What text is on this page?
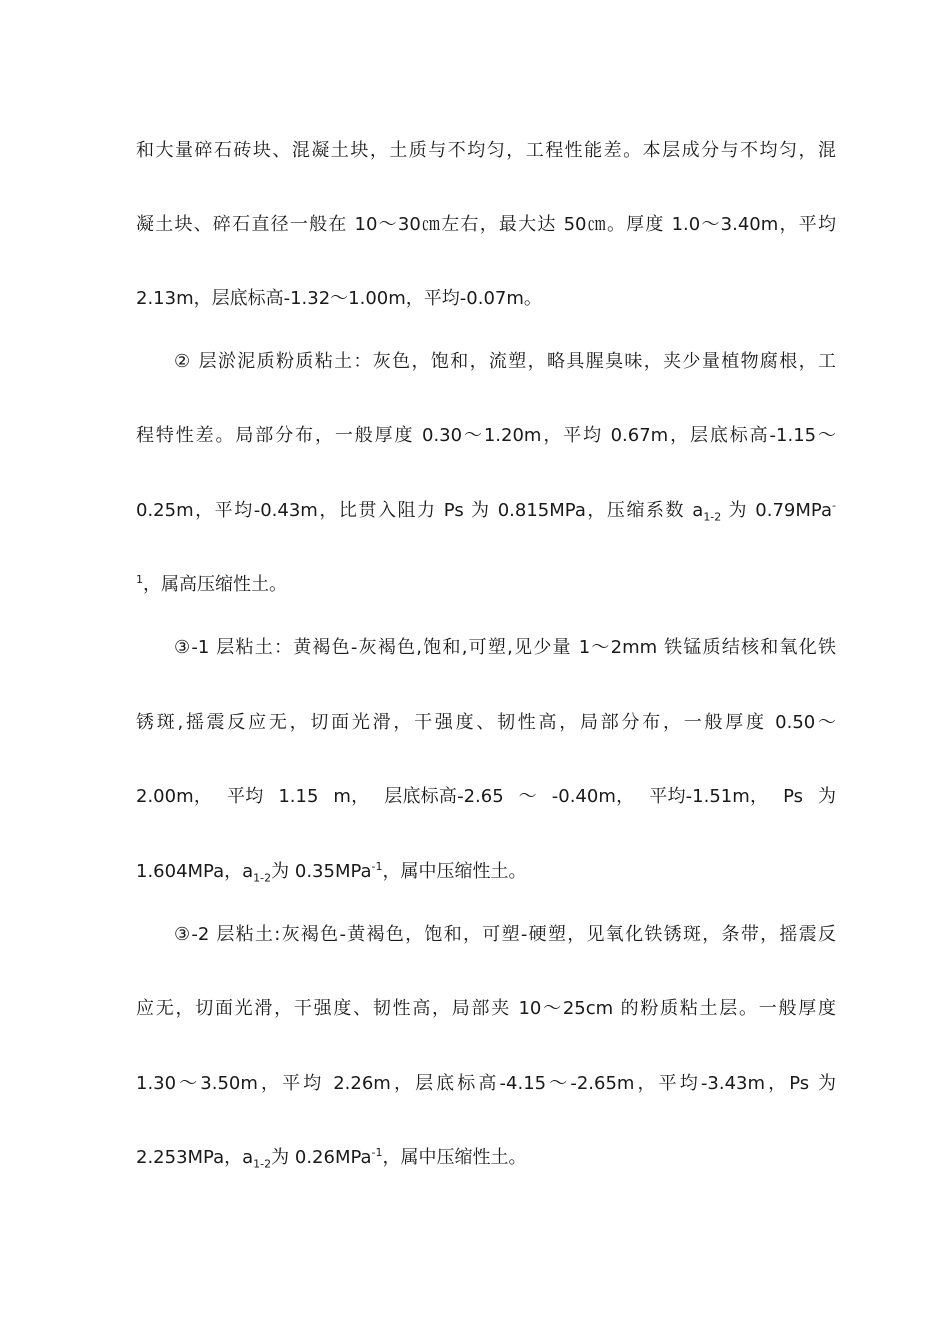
和大量碎石砖块、混凝土块，土质与不均匀，工程性能差。本层成分与不均匀，混
凝土块、碎石直径一般在 10～30㎝左右，最大达 50㎝。厚度 1.0～3.40m，平均
2.13m，层底标高-1.32～1.00m，平均-0.07m。
② 层淤泥质粉质粘土：灰色，饱和，流塑，略具腥臭味，夹少量植物腐根，工
程特性差。局部分布，一般厚度 0.30～1.20m，平均 0.67m，层底标高-1.15～
0.25m，平均-0.43m，比贯入阻力 Ps 为 0.815MPa，压缩系数 $a_{1-2}$ 为 0.79MPa-
$^1$，属高压缩性土。
③-1 层粘土：黄褐色-灰褐色,饱和,可塑,见少量 1～2mm 铁锰质结核和氧化铁
锈斑,摇震反应无，切面光滑，干强度、韧性高，局部分布，一般厚度 0.50～
2.00m， 平均 1.15 m， 层底标高-2.65 ～ -0.40m， 平均-1.51m， Ps 为
1.604MPa，$a_{1-2}$为 0.35MPa$^{-1}$，属中压缩性土。
③-2 层粘土:灰褐色-黄褐色，饱和，可塑-硬塑，见氧化铁锈斑，条带，摇震反
应无，切面光滑，干强度、韧性高，局部夹 10～25cm 的粉质粘土层。一般厚度
1.30～3.50m，平均 2.26m，层底标高-4.15～-2.65m，平均-3.43m，Ps 为
2.253MPa，$a_{1-2}$为 0.26MPa$^{-1}$，属中压缩性土。
